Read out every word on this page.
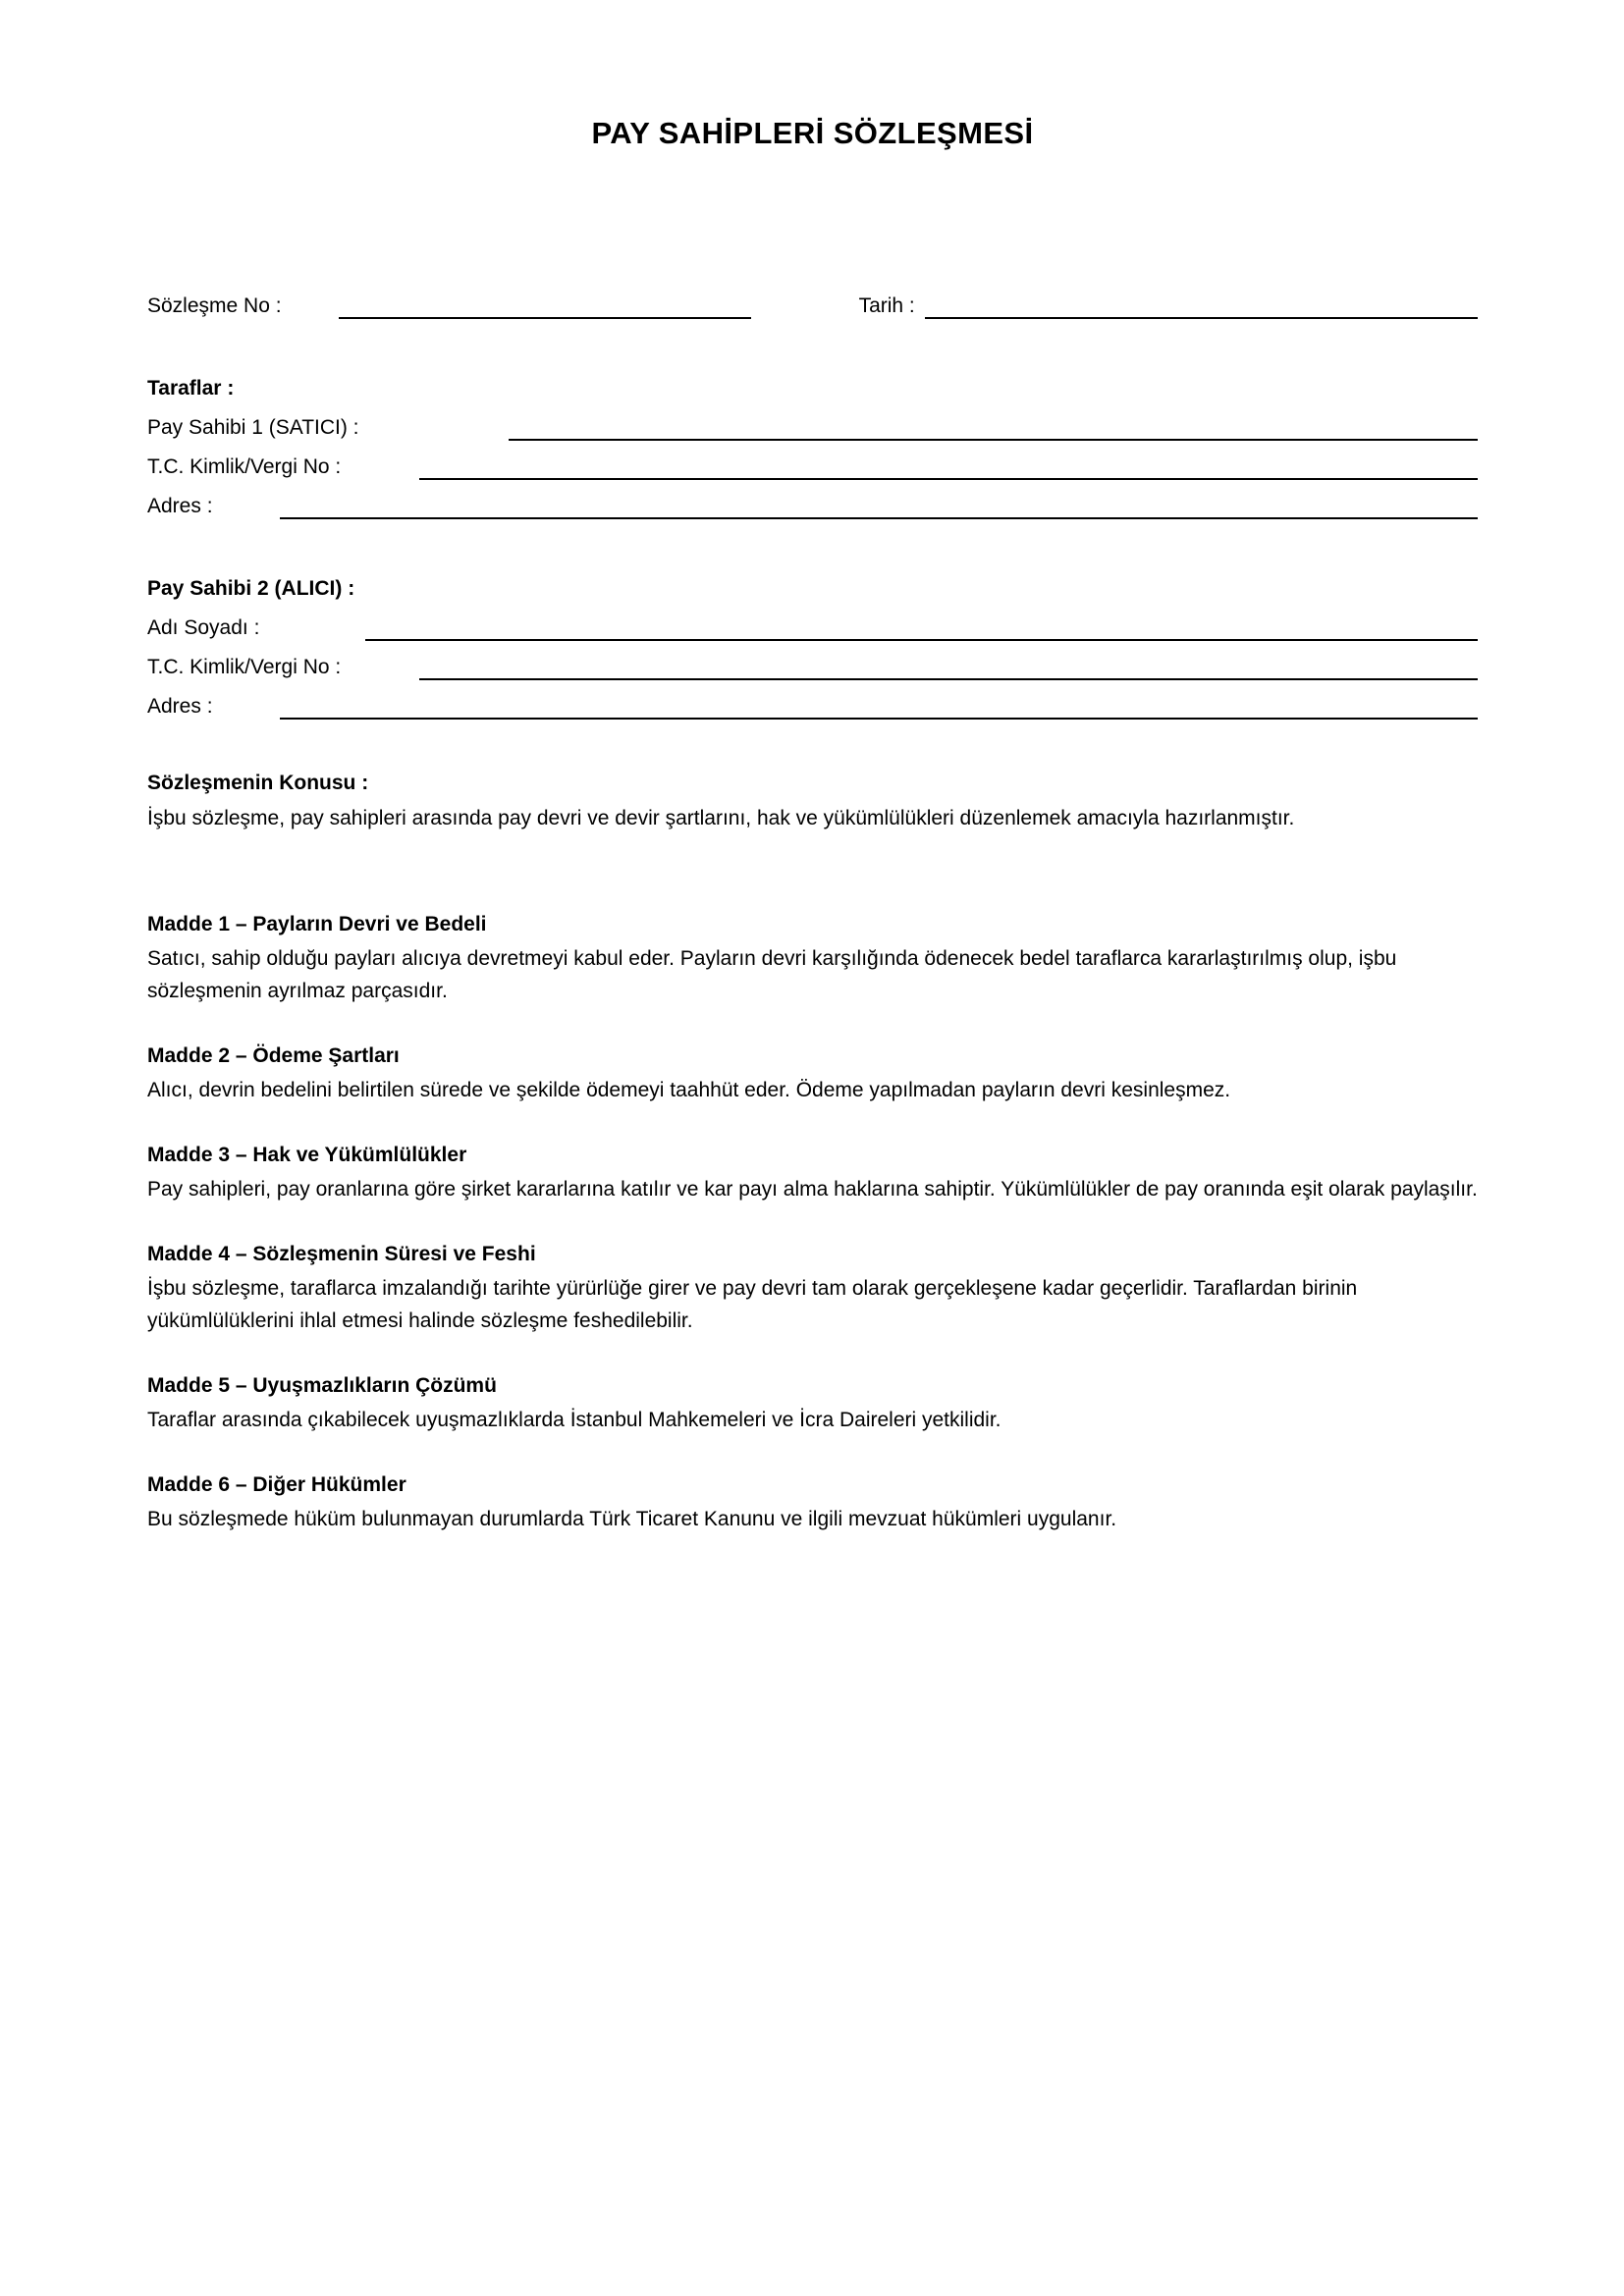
PAY SAHİPLERİ SÖZLEŞMESİ
Sözleşme No :	Tarih :
Taraflar :
Pay Sahibi 1 (SATICI) :
T.C. Kimlik/Vergi No :
Adres :
Pay Sahibi 2 (ALICI) :
Adı Soyadı :
T.C. Kimlik/Vergi No :
Adres :
Sözleşmenin Konusu :

İşbu sözleşme, pay sahipleri arasında pay devri ve devir şartlarını, hak ve yükümlülükleri düzenlemek amacıyla hazırlanmıştır.

Madde 1 – Payların Devri ve Bedeli

Satıcı, sahip olduğu payları alıcıya devretmeyi kabul eder. Payların devri karşılığında ödenecek bedel taraflarca kararlaştırılmış olup, işbu sözleşmenin ayrılmaz parçasıdır.

Madde 2 – Ödeme Şartları

Alıcı, devrin bedelini belirtilen sürede ve şekilde ödemeyi taahhüt eder. Ödeme yapılmadan payların devri kesinleşmez.

Madde 3 – Hak ve Yükümlülükler

Pay sahipleri, pay oranlarına göre şirket kararlarına katılır ve kar payı alma haklarına sahiptir. Yükümlülükler de pay oranında eşit olarak paylaşılır.

Madde 4 – Sözleşmenin Süresi ve Feshi

İşbu sözleşme, taraflarca imzalandığı tarihte yürürlüğe girer ve pay devri tam olarak gerçekleşene kadar geçerlidir. Taraflardan birinin yükümlülüklerini ihlal etmesi halinde sözleşme feshedilebilir.

Madde 5 – Uyuşmazlıkların Çözümü

Taraflar arasında çıkabilecek uyuşmazlıklarda İstanbul Mahkemeleri ve İcra Daireleri yetkilidir.

Madde 6 – Diğer Hükümler

Bu sözleşmede hüküm bulunmayan durumlarda Türk Ticaret Kanunu ve ilgili mevzuat hükümleri uygulanır.
